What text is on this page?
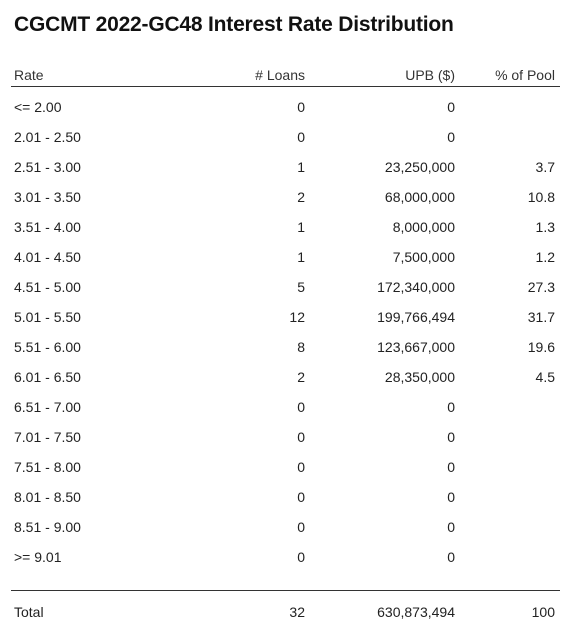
CGCMT 2022-GC48 Interest Rate Distribution
Rate	# Loans	UPB ($)	% of Pool
<= 2.00	0	0
2.01 - 2.50	0	0
2.51 - 3.00	1	23,250,000	3.7
3.01 - 3.50	2	68,000,000	10.8
3.51 - 4.00	1	8,000,000	1.3
4.01 - 4.50	1	7,500,000	1.2
4.51 - 5.00	5	172,340,000	27.3
5.01 - 5.50	12	199,766,494	31.7
5.51 - 6.00	8	123,667,000	19.6
6.01 - 6.50	2	28,350,000	4.5
6.51 - 7.00	0	0
7.01 - 7.50	0	0
7.51 - 8.00	0	0
8.01 - 8.50	0	0
8.51 - 9.00	0	0
>= 9.01	0	0
Total	32	630,873,494	100
